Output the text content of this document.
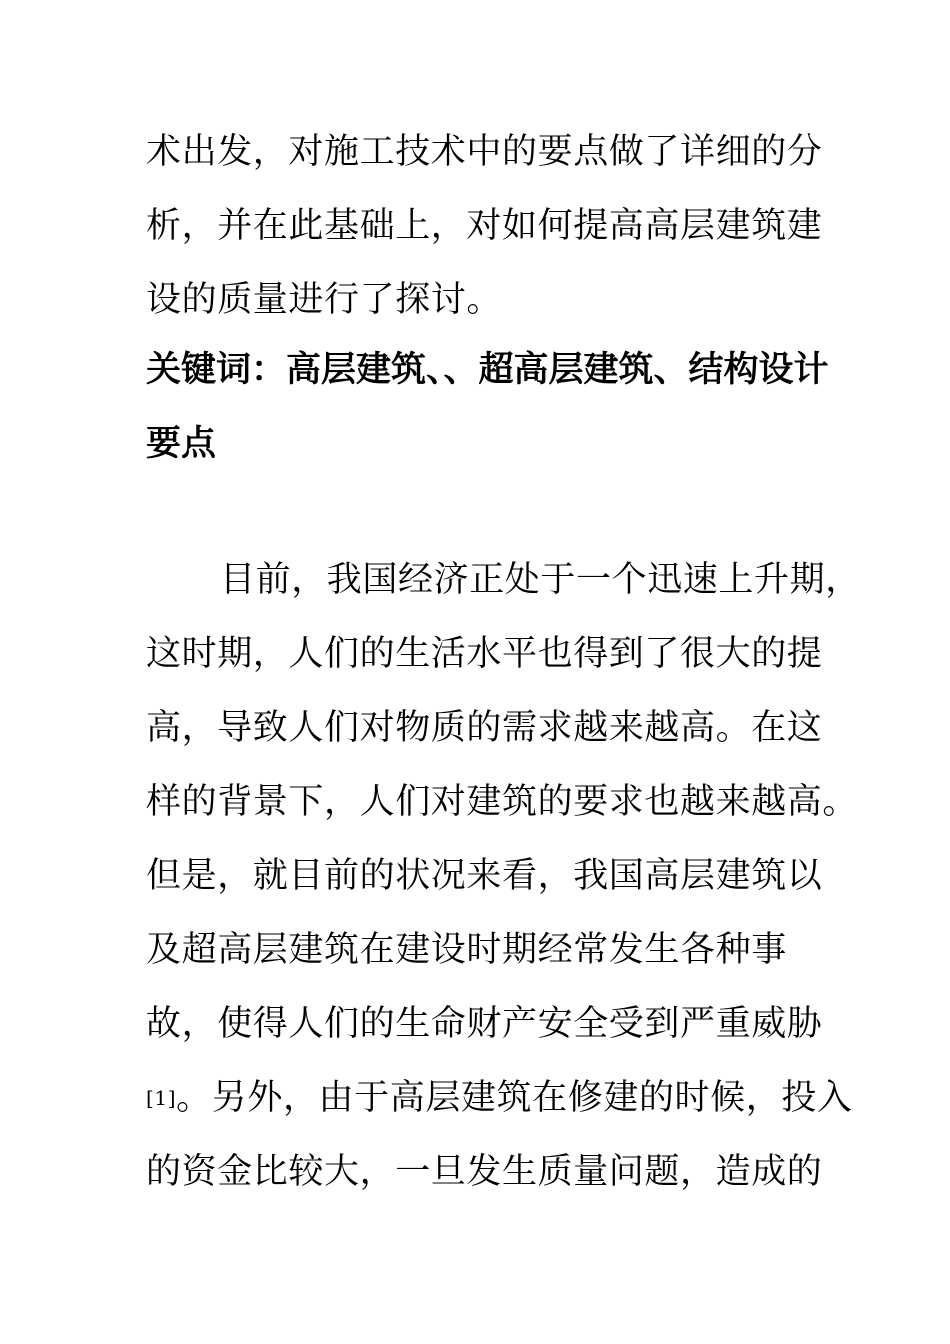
术出发，对施工技术中的要点做了详细的分
析，并在此基础上，对如何提高高层建筑建
设的质量进行了探讨。
关键词：高层建筑、、超高层建筑、结构设计
要点
目前，我国经济正处于一个迅速上升期，
这时期，人们的生活水平也得到了很大的提
高，导致人们对物质的需求越来越高。在这
样的背景下，人们对建筑的要求也越来越高。
但是，就目前的状况来看，我国高层建筑以
及超高层建筑在建设时期经常发生各种事
故，使得人们的生命财产安全受到严重威胁
[1]。另外，由于高层建筑在修建的时候，投入
的资金比较大，一旦发生质量问题，造成的
